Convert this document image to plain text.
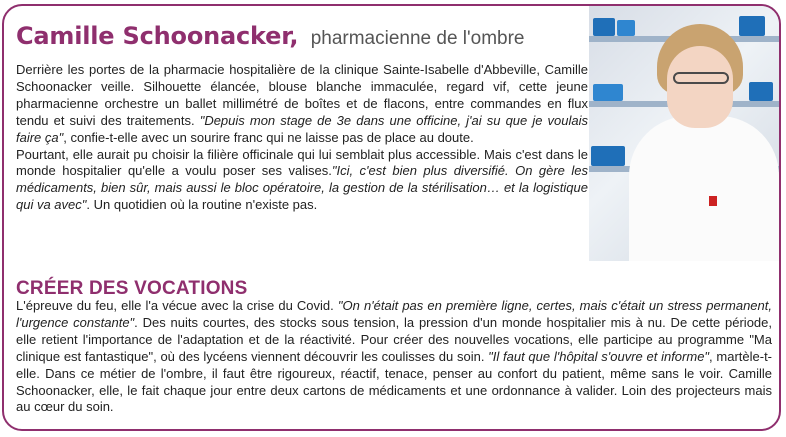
Camille Schoonacker, pharmacienne de l'ombre
Derrière les portes de la pharmacie hospitalière de la clinique Sainte-Isabelle d'Abbeville, Camille Schoonacker veille. Silhouette élancée, blouse blanche immaculée, regard vif, cette jeune pharmacienne orchestre un ballet millimétré de boîtes et de flacons, entre commandes en flux tendu et suivi des traitements. "Depuis mon stage de 3e dans une officine, j'ai su que je voulais faire ça", confie-t-elle avec un sourire franc qui ne laisse pas de place au doute.
Pourtant, elle aurait pu choisir la filière officinale qui lui semblait plus accessible. Mais c'est dans le monde hospitalier qu'elle a voulu poser ses valises."Ici, c'est bien plus diversifié. On gère les médicaments, bien sûr, mais aussi le bloc opératoire, la gestion de la stérilisation… et la logistique qui va avec". Un quotidien où la routine n'existe pas.
CRÉER DES VOCATIONS
L'épreuve du feu, elle l'a vécue avec la crise du Covid. "On n'était pas en première ligne, certes, mais c'était un stress permanent, l'urgence constante". Des nuits courtes, des stocks sous tension, la pression d'un monde hospitalier mis à nu. De cette période, elle retient l'importance de l'adaptation et de la réactivité. Pour créer des nouvelles vocations, elle participe au programme "Ma clinique est fantastique", où des lycéens viennent découvrir les coulisses du soin. "Il faut que l'hôpital s'ouvre et informe", martèle-t-elle. Dans ce métier de l'ombre, il faut être rigoureux, réactif, tenace, penser au confort du patient, même sans le voir. Camille Schoonacker, elle, le fait chaque jour entre deux cartons de médicaments et une ordonnance à valider. Loin des projecteurs mais au cœur du soin.
